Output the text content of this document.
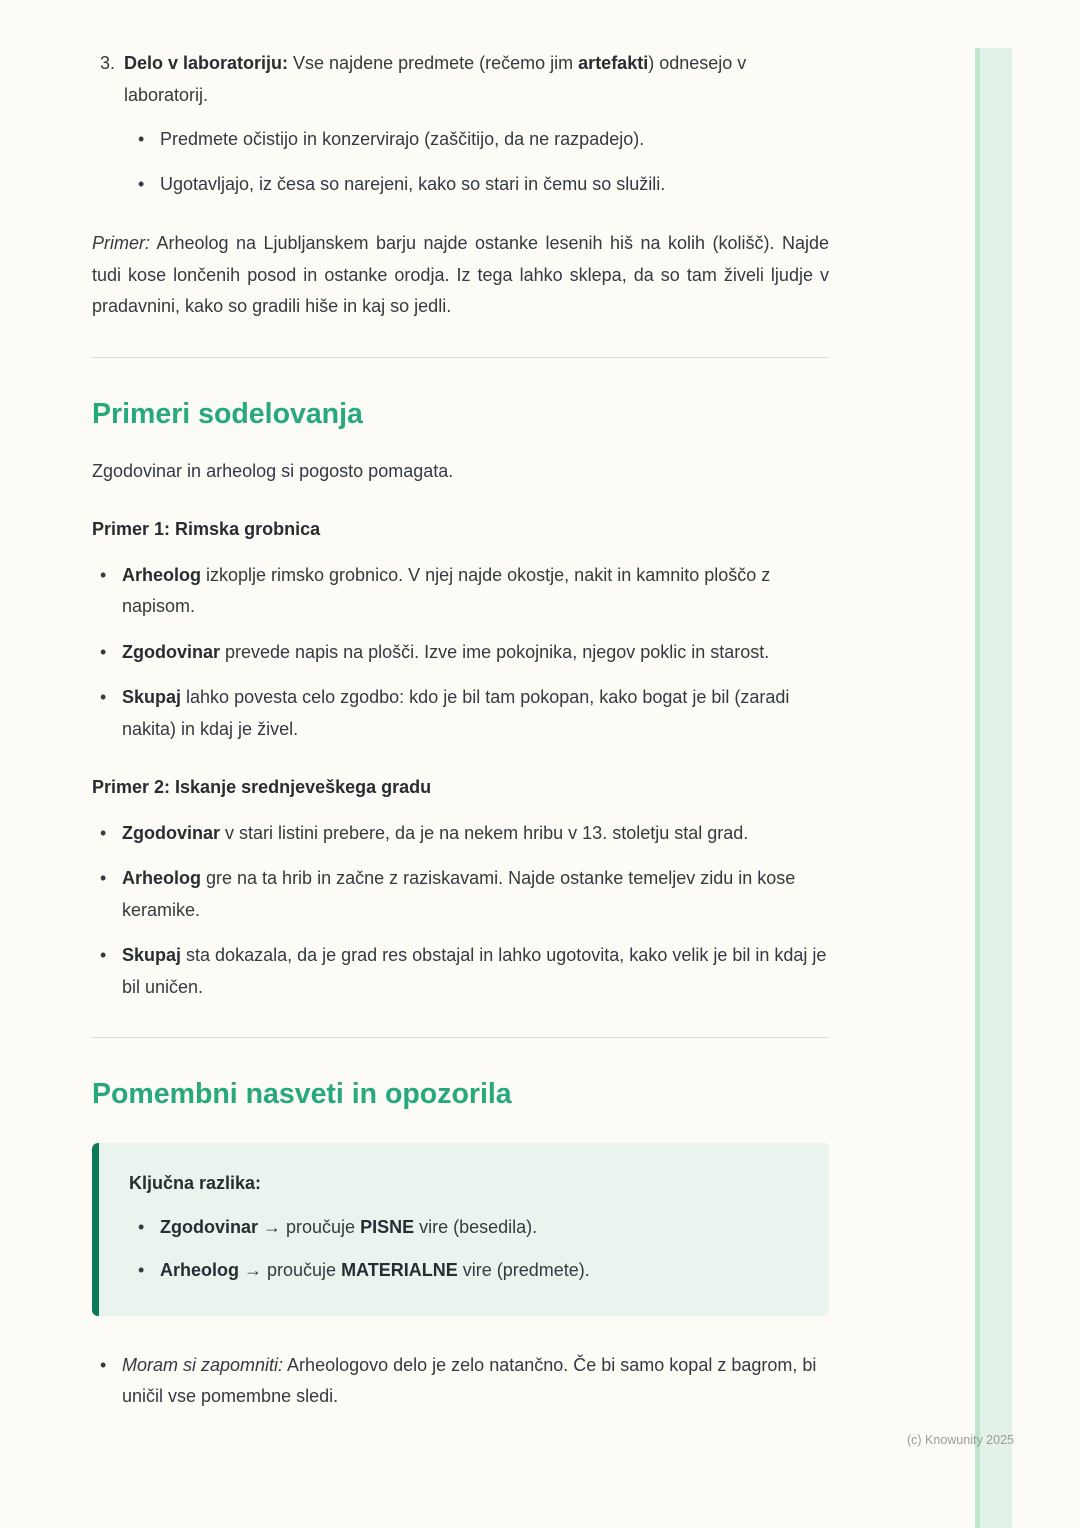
3. Delo v laboratoriju: Vse najdene predmete (rečemo jim artefakti) odnesejo v laboratorij.

• Predmete očistijo in konzervirajo (zaščitijo, da ne razpadejo).

• Ugotavljajo, iz česa so narejeni, kako so stari in čemu so služili.

Primer: Arheolog na Ljubljanskem barju najde ostanke lesenih hiš na kolih (kolišč). Najde tudi kose lončenih posod in ostanke orodja. Iz tega lahko sklepa, da so tam živeli ljudje v pradavnini, kako so gradili hiše in kaj so jedli.

Primeri sodelovanja

Zgodovinar in arheolog si pogosto pomagata.

Primer 1: Rimska grobnica

• Arheolog izkoplje rimsko grobnico. V njej najde okostje, nakit in kamnito ploščo z napisom.

• Zgodovinar prevede napis na plošči. Izve ime pokojnika, njegov poklic in starost.

• Skupaj lahko povesta celo zgodbo: kdo je bil tam pokopan, kako bogat je bil (zaradi nakita) in kdaj je živel.

Primer 2: Iskanje srednjeveškega gradu

• Zgodovinar v stari listini prebere, da je na nekem hribu v 13. stoletju stal grad.

• Arheolog gre na ta hrib in začne z raziskavami. Najde ostanke temeljev zidu in kose keramike.

• Skupaj sta dokazala, da je grad res obstajal in lahko ugotovita, kako velik je bil in kdaj je bil uničen.

Pomembni nasveti in opozorila

Ključna razlika:

• Zgodovinar → proučuje PISNE vire (besedila).

• Arheolog → proučuje MATERIALNE vire (predmete).

• Moram si zapomniti: Arheologovo delo je zelo natančno. Če bi samo kopal z bagrom, bi uničil vse pomembne sledi.

(c) Knowunity 2025
